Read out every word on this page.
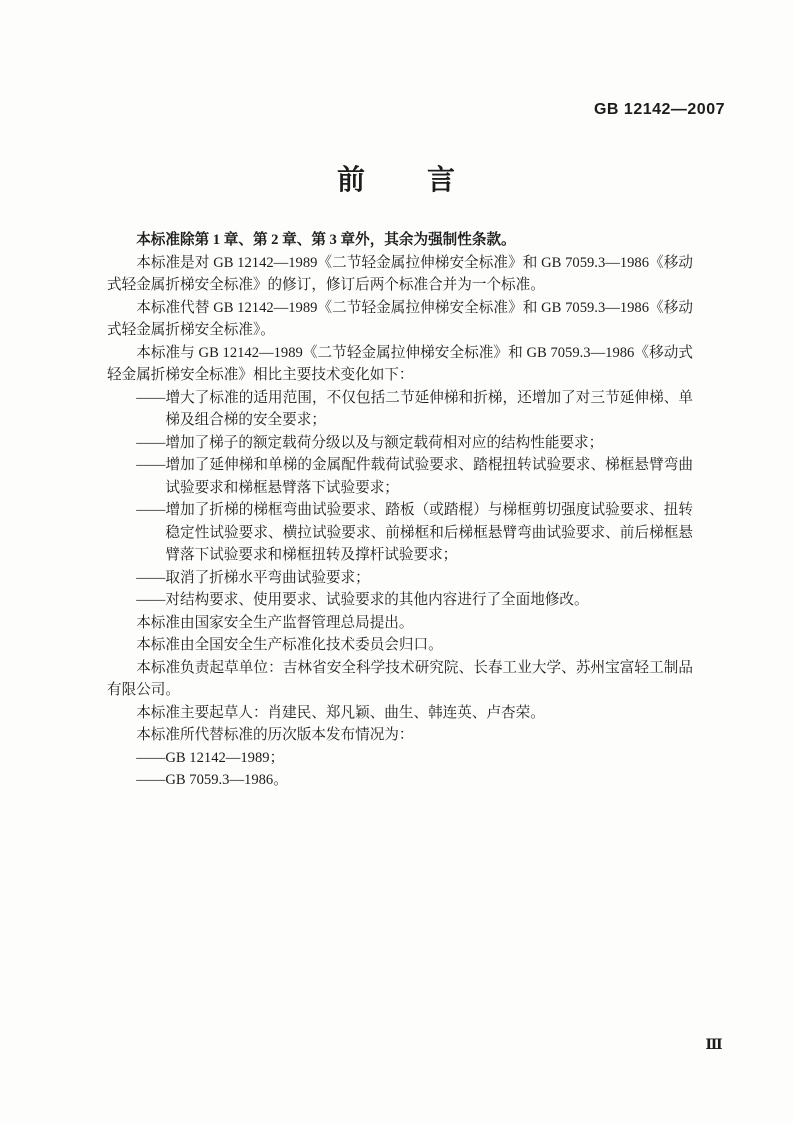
GB 12142—2007
前　　言

本标准除第 1 章、第 2 章、第 3 章外，其余为强制性条款。

本标准是对 GB 12142—1989《二节轻金属拉伸梯安全标准》和 GB 7059.3—1986《移动式轻金属折梯安全标准》的修订，修订后两个标准合并为一个标准。

本标准代替 GB 12142—1989《二节轻金属拉伸梯安全标准》和 GB 7059.3—1986《移动式轻金属折梯安全标准》。

本标准与 GB 12142—1989《二节轻金属拉伸梯安全标准》和 GB 7059.3—1986《移动式轻金属折梯安全标准》相比主要技术变化如下：

——增大了标准的适用范围，不仅包括二节延伸梯和折梯，还增加了对三节延伸梯、单梯及组合梯的安全要求；

——增加了梯子的额定载荷分级以及与额定载荷相对应的结构性能要求；

——增加了延伸梯和单梯的金属配件载荷试验要求、踏棍扭转试验要求、梯框悬臂弯曲试验要求和梯框悬臂落下试验要求；

——增加了折梯的梯框弯曲试验要求、踏板（或踏棍）与梯框剪切强度试验要求、扭转稳定性试验要求、横拉试验要求、前梯框和后梯框悬臂弯曲试验要求、前后梯框悬臂落下试验要求和梯框扭转及撑杆试验要求；

——取消了折梯水平弯曲试验要求；

——对结构要求、使用要求、试验要求的其他内容进行了全面地修改。

本标准由国家安全生产监督管理总局提出。

本标准由全国安全生产标准化技术委员会归口。

本标准负责起草单位：吉林省安全科学技术研究院、长春工业大学、苏州宝富轻工制品有限公司。

本标准主要起草人：肖建民、郑凡颖、曲生、韩连英、卢杏荣。

本标准所代替标准的历次版本发布情况为：

——GB 12142—1989；

——GB 7059.3—1986。

Ⅲ
